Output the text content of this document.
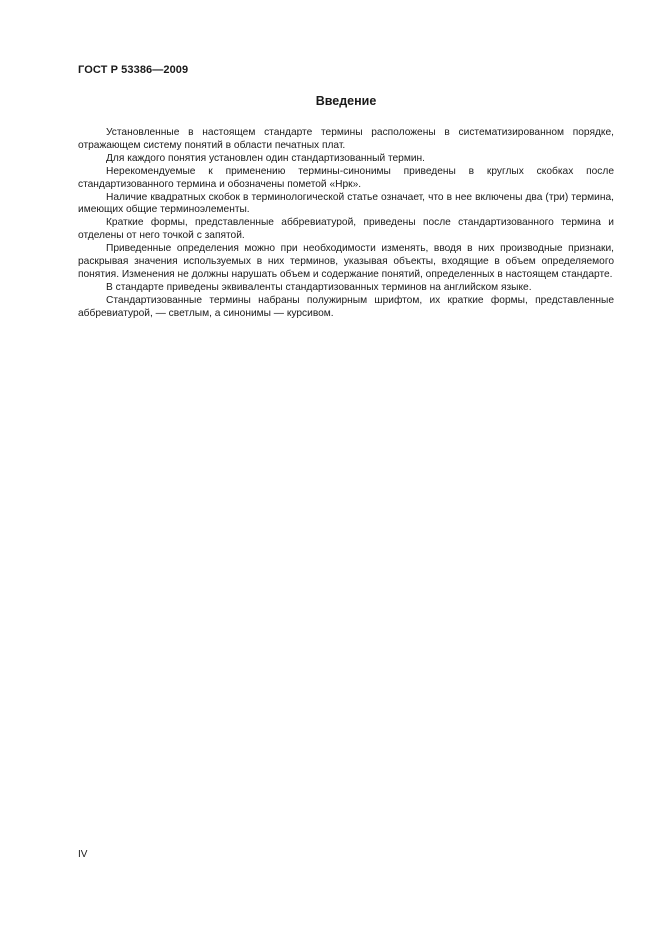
ГОСТ Р 53386—2009
Введение

Установленные в настоящем стандарте термины расположены в систематизированном порядке, отражающем систему понятий в области печатных плат.

Для каждого понятия установлен один стандартизованный термин.

Нерекомендуемые к применению термины-синонимы приведены в круглых скобках после стандартизованного термина и обозначены пометой «Нрк».

Наличие квадратных скобок в терминологической статье означает, что в нее включены два (три) термина, имеющих общие терминоэлементы.

Краткие формы, представленные аббревиатурой, приведены после стандартизованного термина и отделены от него точкой с запятой.

Приведенные определения можно при необходимости изменять, вводя в них производные признаки, раскрывая значения используемых в них терминов, указывая объекты, входящие в объем определяемого понятия. Изменения не должны нарушать объем и содержание понятий, определенных в настоящем стандарте.

В стандарте приведены эквиваленты стандартизованных терминов на английском языке.

Стандартизованные термины набраны полужирным шрифтом, их краткие формы, представленные аббревиатурой, — светлым, а синонимы — курсивом.

IV
